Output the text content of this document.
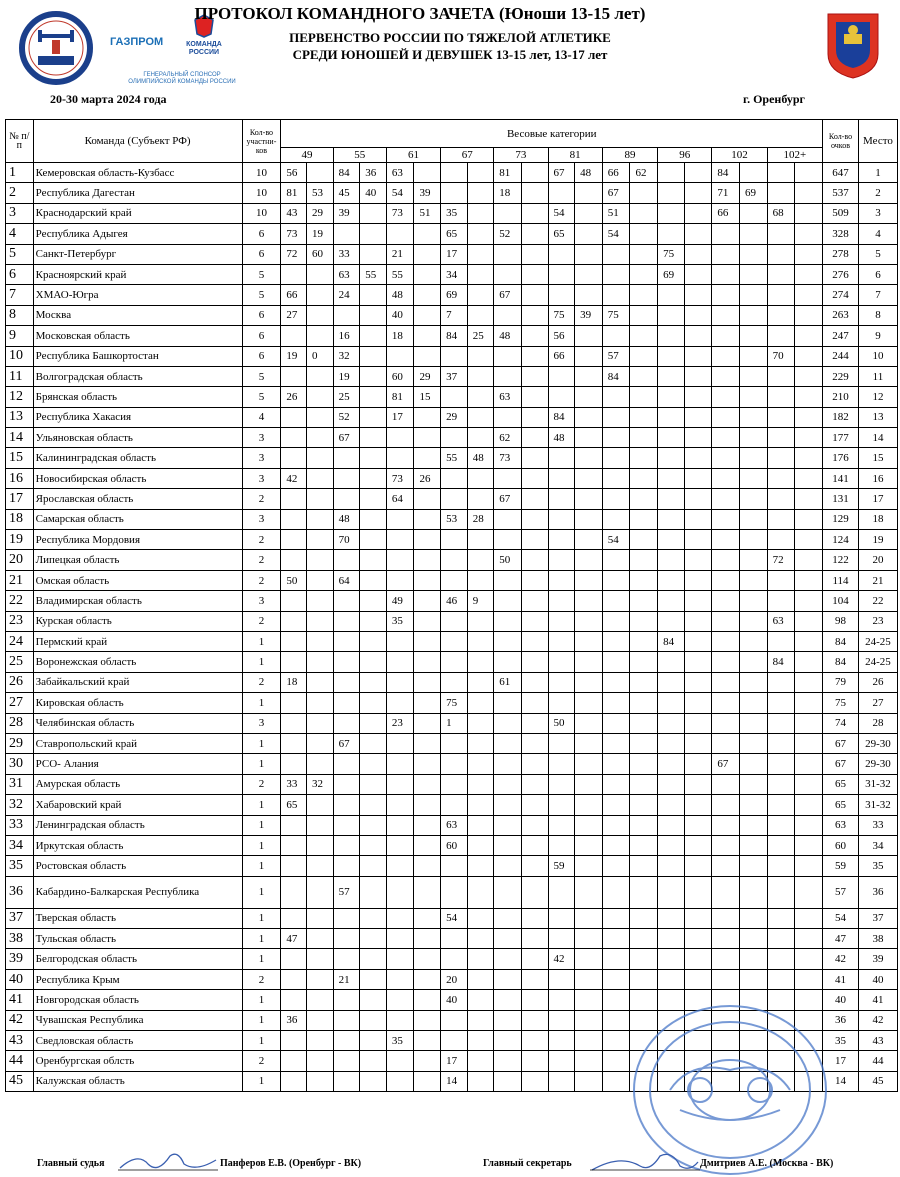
ГАЗПРОМ	КОМАНДА РОССИИ
ГЕНЕРАЛЬНЫЙ СПОНСОР ОЛИМПИЙСКОЙ КОМАНДЫ РОССИИ
ПРОТОКОЛ КОМАНДНОГО ЗАЧЕТА (Юноши 13-15 лет)
ПЕРВЕНСТВО РОССИИ ПО ТЯЖЕЛОЙ АТЛЕТИКЕ
СРЕДИ ЮНОШЕЙ И ДЕВУШЕК 13-15 лет, 13-17 лет
20-30 марта 2024 года	г. Оренбург
№ п/п	Команда (Субъект РФ)	Кол-во участни-ков	Весовые категории																				Кол-во очков	Место
			49		55		61		67		73		81		89		96		102		102+			
1	Кемеровская область-Кузбасс	10	56		84	36	63				81		67	48	66	62			84				647	1
2	Республика Дагестан	10	81	53	45	40	54	39			18				67				71	69			537	2
3	Краснодарский край	10	43	29	39		73	51	35				54		51				66		68		509	3
4	Республика Адыгея	6	73	19					65		52		65		54								328	4
5	Санкт-Петербург	6	72	60	33		21		17								75						278	5
6	Красноярский край	5			63	55	55		34								69						276	6
7	ХМАО-Югра	5	66		24		48		69		67												274	7
8	Москва	6	27				40		7				75	39	75								263	8
9	Московская область	6			16		18		84	25	48		56										247	9
10	Республика Башкортостан	6	19	0	32								66		57						70		244	10
11	Волгоградская область	5			19		60	29	37						84								229	11
12	Брянская область	5	26		25		81	15			63												210	12
13	Республика Хакасия	4			52		17		29				84										182	13
14	Ульяновская область	3			67						62		48										177	14
15	Калининградская область	3							55	48	73												176	15
16	Новосибирская область	3	42				73	26															141	16
17	Ярославская область	2					64				67												131	17
18	Самарская область	3			48				53	28													129	18
19	Республика Мордовия	2			70										54								124	19
20	Липецкая область	2									50										72		122	20
21	Омская область	2	50		64																		114	21
22	Владимирская область	3					49		46	9													104	22
23	Курская область	2					35														63		98	23
24	Пермский край	1															84						84	24-25
25	Воронежская область	1																			84		84	24-25
26	Забайкальский край	2	18								61												79	26
27	Кировская область	1							75														75	27
28	Челябинская область	3					23		1				50										74	28
29	Ставропольский край	1			67																		67	29-30
30	РСО- Алания	1																	67				67	29-30
31	Амурская область	2	33	32																			65	31-32
32	Хабаровский край	1	65																				65	31-32
33	Ленинградская область	1							63														63	33
34	Иркутская область	1							60														60	34
35	Ростовская область	1											59										59	35
36	Кабардино-Балкарская Республика	1			57																		57	36
37	Тверская область	1							54														54	37
38	Тульская область	1	47																				47	38
39	Белгородская область	1											42										42	39
40	Республика Крым	2			21				20														41	40
41	Новгородская область	1							40														40	41
42	Чувашская Республика	1	36																				36	42
43	Сведловская область	1					35																35	43
44	Оренбургская облсть	2							17														17	44
45	Калужская область	1							14														14	45
Главный судья	Панферов Е.В. (Оренбург - ВК)	Главный секретарь	Дмитриев А.Е. (Москва - ВК)
